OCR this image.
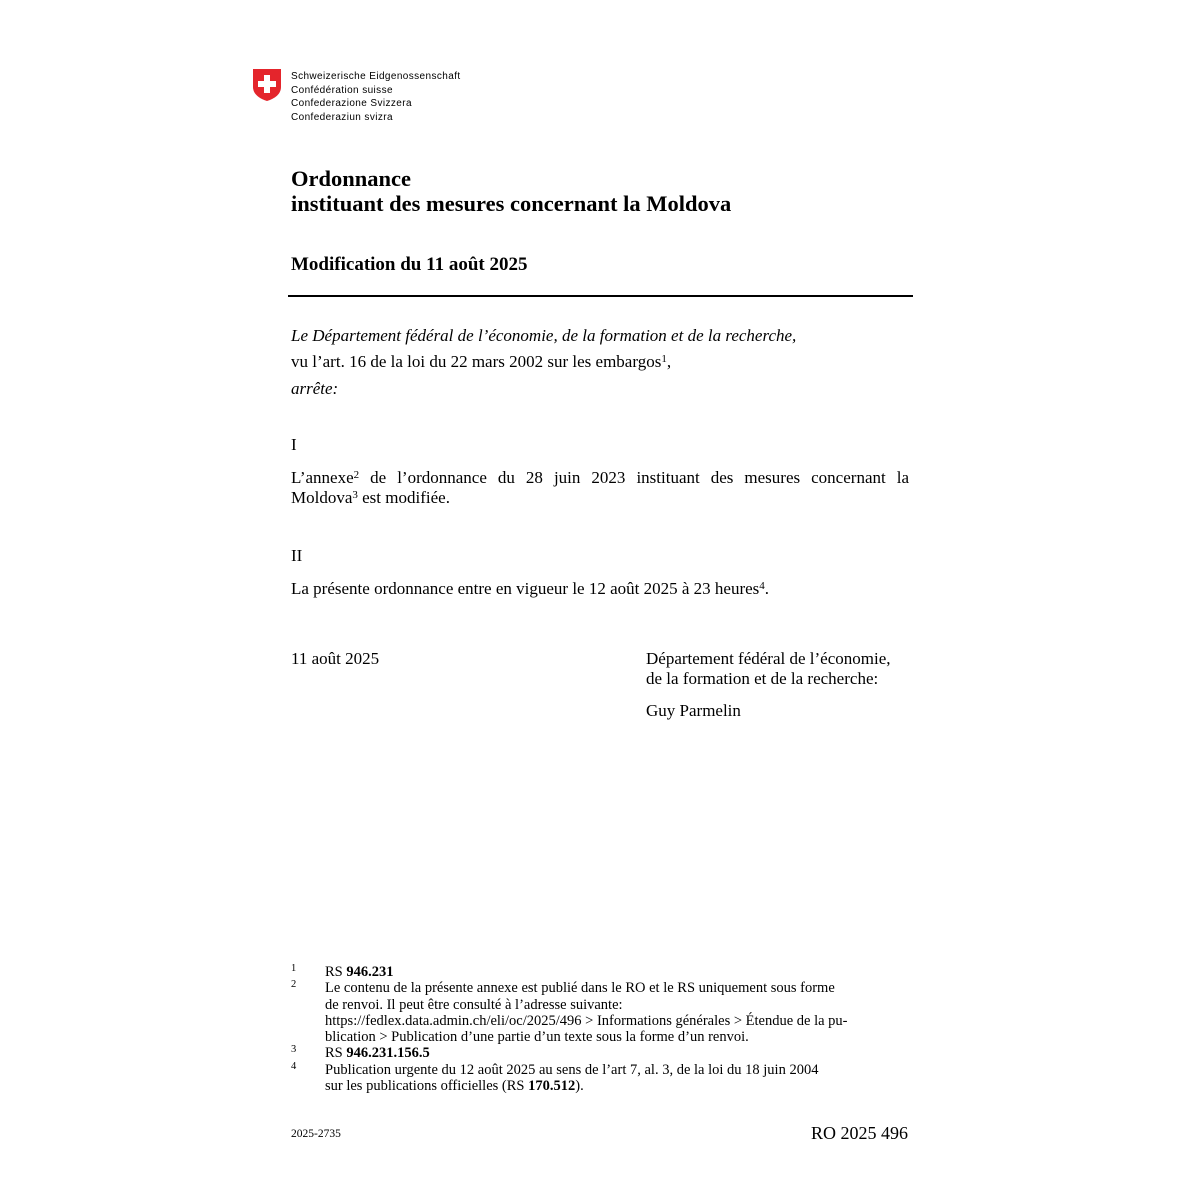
Schweizerische Eidgenossenschaft
Confédération suisse
Confederazione Svizzera
Confederaziun svizra
Ordonnance
instituant des mesures concernant la Moldova
Modification du 11 août 2025
Le Département fédéral de l’économie, de la formation et de la recherche,
vu l’art. 16 de la loi du 22 mars 2002 sur les embargos$^1$,
arrête:
I
L’annexe$^2$ de l’ordonnance du 28 juin 2023 instituant des mesures concernant la
Moldova$^3$ est modifiée.
II
La présente ordonnance entre en vigueur le 12 août 2025 à 23 heures$^4$.
11 août 2025	Département fédéral de l’économie,
de la formation et de la recherche:
Guy Parmelin
1 RS 946.231
2 Le contenu de la présente annexe est publié dans le RO et le RS uniquement sous forme
de renvoi. Il peut être consulté à l’adresse suivante:
https://fedlex.data.admin.ch/eli/oc/2025/496 > Informations générales > Étendue de la pu-
blication > Publication d’une partie d’un texte sous la forme d’un renvoi.
3 RS 946.231.156.5
4 Publication urgente du 12 août 2025 au sens de l’art 7, al. 3, de la loi du 18 juin 2004
sur les publications officielles (RS 170.512).
2025-2735	RO 2025 496
